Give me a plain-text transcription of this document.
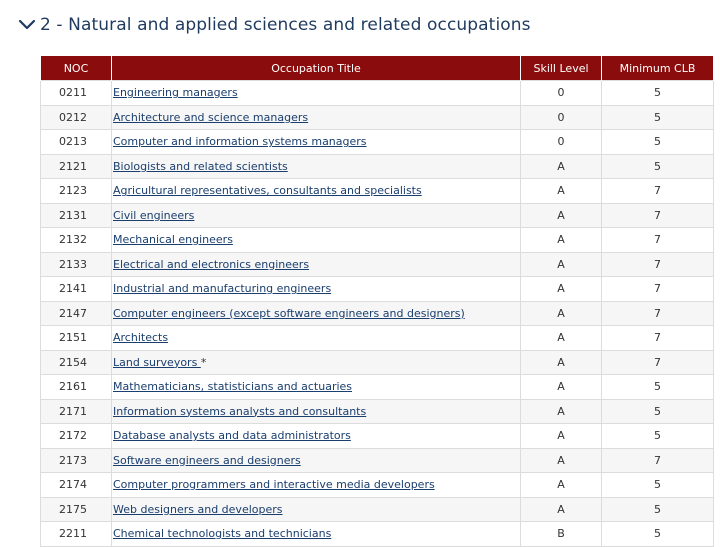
2 - Natural and applied sciences and related occupations
NOC	Occupation Title	Skill Level	Minimum CLB
0211	Engineering managers	0	5
0212	Architecture and science managers	0	5
0213	Computer and information systems managers	0	5
2121	Biologists and related scientists	A	5
2123	Agricultural representatives, consultants and specialists	A	7
2131	Civil engineers	A	7
2132	Mechanical engineers	A	7
2133	Electrical and electronics engineers	A	7
2141	Industrial and manufacturing engineers	A	7
2147	Computer engineers (except software engineers and designers)	A	7
2151	Architects	A	7
2154	Land surveyors *	A	7
2161	Mathematicians, statisticians and actuaries	A	5
2171	Information systems analysts and consultants	A	5
2172	Database analysts and data administrators	A	5
2173	Software engineers and designers	A	7
2174	Computer programmers and interactive media developers	A	5
2175	Web designers and developers	A	5
2211	Chemical technologists and technicians	B	5
